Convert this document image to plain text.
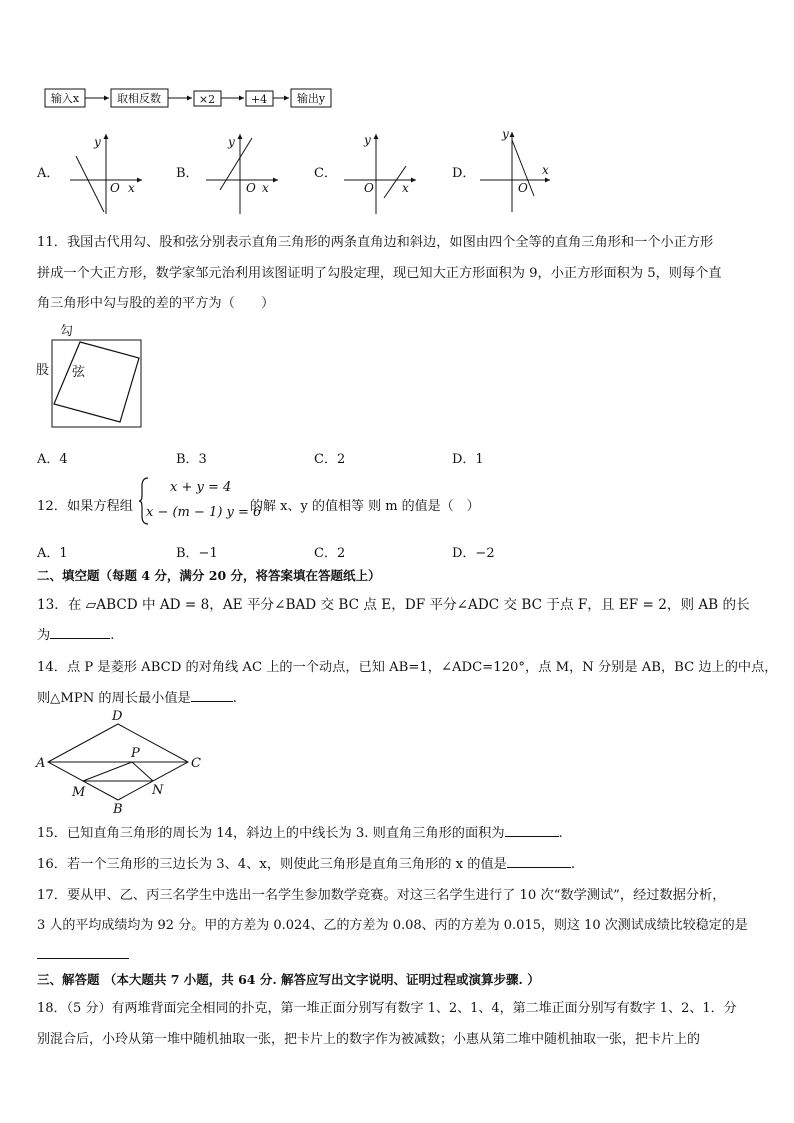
输入x	取相反数	×2	+4	输出y
A．
y
O x
B．
y
O x
C．
y
O x
D．
y
O
x
11．我国古代用勾、股和弦分别表示直角三角形的两条直角边和斜边，如图由四个全等的直角三角形和一个小正方形
拼成一个大正方形，数学家邹元治利用该图证明了勾股定理，现已知大正方形面积为 9，小正方形面积为 5，则每个直
角三角形中勾与股的差的平方为（　　）
勾
股 弦
A．4	B．3	C．2	D．1
12．如果方程组
x + y = 4
x − (m − 1) y = 6
的解 x、y 的值相等 则 m 的值是（　）
A．1	B．−1	C．2	D．−2
二、填空题（每题 4 分，满分 20 分，将答案填在答题纸上）
13．在 ▱ABCD 中 AD = 8，AE 平分∠BAD 交 BC 点 E，DF 平分∠ADC 交 BC 于点 F，且 EF = 2，则 AB 的长
为	.
14．点 P 是菱形 ABCD 的对角线 AC 上的一个动点，已知 AB=1，∠ADC=120°，点 M，N 分别是 AB，BC 边上的中点，
则△MPN 的周长最小值是	.
D
A	C
P
M	N
B
15．已知直角三角形的周长为 14，斜边上的中线长为 3. 则直角三角形的面积为	.
16．若一个三角形的三边长为 3、4、x，则使此三角形是直角三角形的 x 的值是	.
17．要从甲、乙、丙三名学生中选出一名学生参加数学竞赛。对这三名学生进行了 10 次“数学测试”，经过数据分析，
3 人的平均成绩均为 92 分。甲的方差为 0.024、乙的方差为 0.08、丙的方差为 0.015，则这 10 次测试成绩比较稳定的是
三、解答题 （本大题共 7 小题，共 64 分. 解答应写出文字说明、证明过程或演算步骤. ）
18．（5 分）有两堆背面完全相同的扑克，第一堆正面分别写有数字 1、2、1、4，第二堆正面分别写有数字 1、2、1．分
别混合后，小玲从第一堆中随机抽取一张，把卡片上的数字作为被减数；小惠从第二堆中随机抽取一张，把卡片上的
